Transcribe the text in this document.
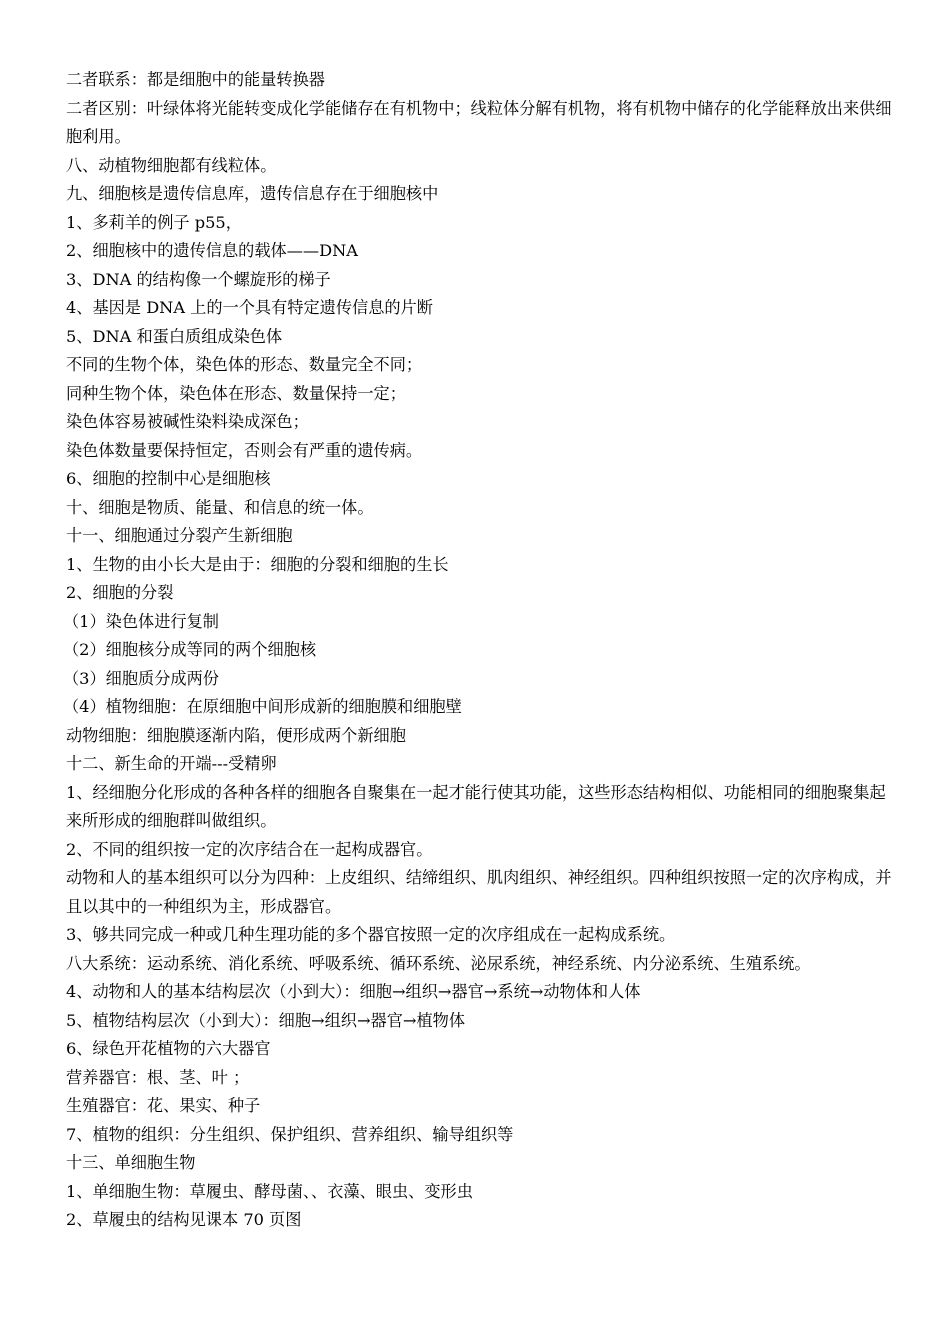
二者联系：都是细胞中的能量转换器

二者区别：叶绿体将光能转变成化学能储存在有机物中；线粒体分解有机物，将有机物中储存的化学能释放出来供细胞利用。

八、动植物细胞都有线粒体。

九、细胞核是遗传信息库，遗传信息存在于细胞核中

1、多莉羊的例子 p55，

2、细胞核中的遗传信息的载体——DNA

3、DNA 的结构像一个螺旋形的梯子

4、基因是 DNA 上的一个具有特定遗传信息的片断

5、DNA 和蛋白质组成染色体

不同的生物个体，染色体的形态、数量完全不同；

同种生物个体，染色体在形态、数量保持一定；

染色体容易被碱性染料染成深色；

染色体数量要保持恒定，否则会有严重的遗传病。

6、细胞的控制中心是细胞核

十、细胞是物质、能量、和信息的统一体。

十一、细胞通过分裂产生新细胞

1、生物的由小长大是由于：细胞的分裂和细胞的生长

2、细胞的分裂

（1）染色体进行复制

（2）细胞核分成等同的两个细胞核

（3）细胞质分成两份

（4）植物细胞：在原细胞中间形成新的细胞膜和细胞壁

动物细胞：细胞膜逐渐内陷，便形成两个新细胞

十二、新生命的开端---受精卵

1、经细胞分化形成的各种各样的细胞各自聚集在一起才能行使其功能，这些形态结构相似、功能相同的细胞聚集起来所形成的细胞群叫做组织。

2、不同的组织按一定的次序结合在一起构成器官。

动物和人的基本组织可以分为四种：上皮组织、结缔组织、肌肉组织、神经组织。四种组织按照一定的次序构成，并且以其中的一种组织为主，形成器官。

3、够共同完成一种或几种生理功能的多个器官按照一定的次序组成在一起构成系统。

八大系统：运动系统、消化系统、呼吸系统、循环系统、泌尿系统，神经系统、内分泌系统、生殖系统。

4、动物和人的基本结构层次（小到大）：细胞→组织→器官→系统→动物体和人体

5、植物结构层次（小到大）：细胞→组织→器官→植物体

6、绿色开花植物的六大器官

营养器官：根、茎、叶 ；

生殖器官：花、果实、种子

7、植物的组织：分生组织、保护组织、营养组织、输导组织等

十三、单细胞生物

1、单细胞生物：草履虫、酵母菌、、衣藻、眼虫、变形虫

2、草履虫的结构见课本 70 页图
